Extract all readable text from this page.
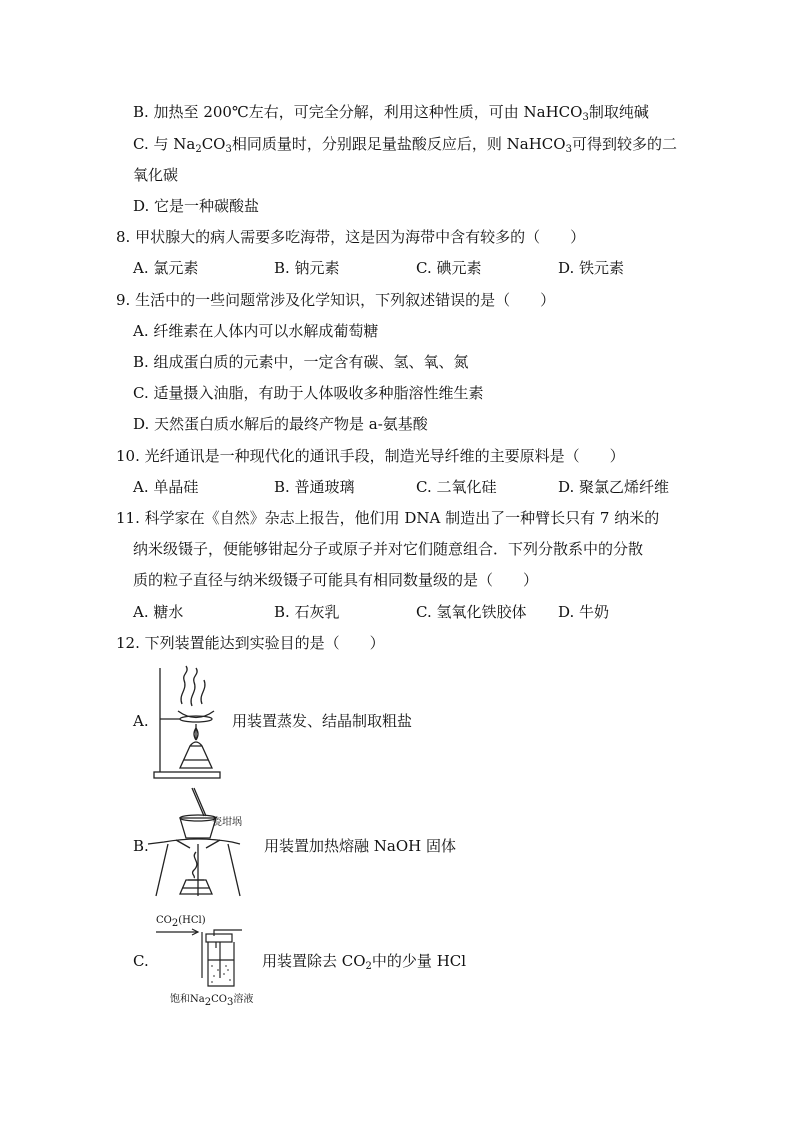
B. 加热至 200℃左右，可完全分解，利用这种性质，可由 NaHCO$_3$制取纯碱
C. 与 $Na_2CO_3$相同质量时，分别跟足量盐酸反应后，则 NaHCO$_3$可得到较多的二
氧化碳
D. 它是一种碳酸盐
8. 甲状腺大的病人需要多吃海带，这是因为海带中含有较多的（　　）
A. 氯元素	B. 钠元素	C. 碘元素	D. 铁元素
9. 生活中的一些问题常涉及化学知识，下列叙述错误的是（　　）
A. 纤维素在人体内可以水解成葡萄糖
B. 组成蛋白质的元素中，一定含有碳、氢、氧、氮
C. 适量摄入油脂，有助于人体吸收多种脂溶性维生素
D. 天然蛋白质水解后的最终产物是 a-氨基酸
10. 光纤通讯是一种现代化的通讯手段，制造光导纤维的主要原料是（　　）
A. 单晶硅	B. 普通玻璃	C. 二氧化硅	D. 聚氯乙烯纤维
11. 科学家在《自然》杂志上报告，他们用 DNA 制造出了一种臂长只有 7 纳米的
纳米级镊子，便能够钳起分子或原子并对它们随意组合．下列分散系中的分散
质的粒子直径与纳米级镊子可能具有相同数量级的是（　　）
A. 糖水	B. 石灰乳	C. 氢氧化铁胶体 D. 牛奶
12. 下列装置能达到实验目的是（　　）
A.	用装置蒸发、结晶制取粗盐
B.
瓷坩埚
用装置加热熔融 NaOH 固体
C.
$CO_2(HCl)$
饱和$Na_2CO_3$溶液
用装置除去 $CO_2$中的少量 HCl
